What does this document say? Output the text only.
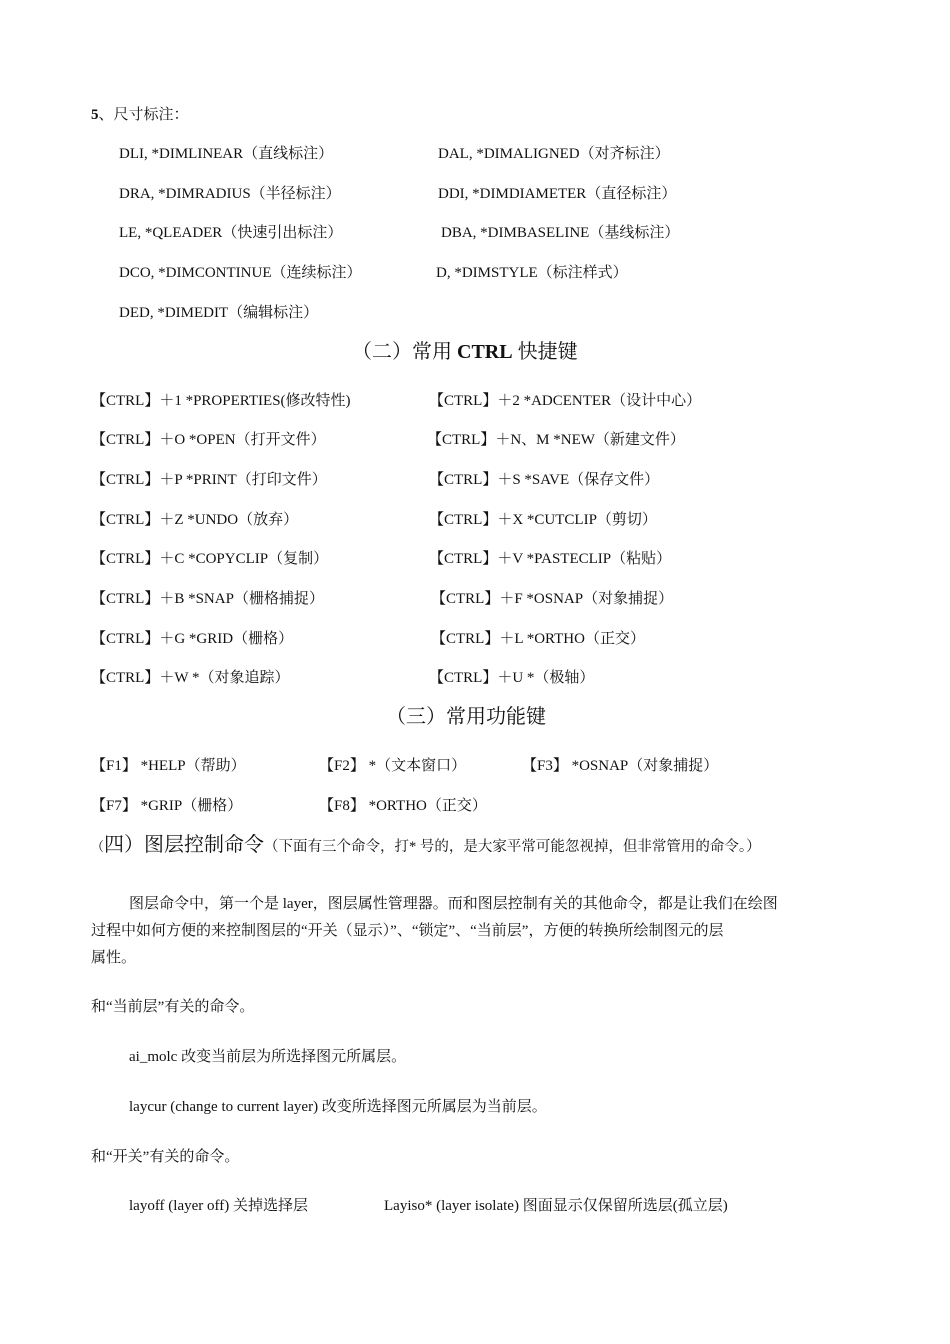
5、尺寸标注：
DLI, *DIMLINEAR（直线标注）	DAL, *DIMALIGNED（对齐标注）
DRA, *DIMRADIUS（半径标注）	DDI, *DIMDIAMETER（直径标注）
LE, *QLEADER（快速引出标注）	DBA, *DIMBASELINE（基线标注）
DCO, *DIMCONTINUE（连续标注）	D, *DIMSTYLE（标注样式）
DED, *DIMEDIT（编辑标注）
（二）常用 CTRL 快捷键
【CTRL】＋1 *PROPERTIES(修改特性)	【CTRL】＋2 *ADCENTER（设计中心）
【CTRL】＋O *OPEN（打开文件）	【CTRL】＋N、M *NEW（新建文件）
【CTRL】＋P *PRINT（打印文件）	【CTRL】＋S *SAVE（保存文件）
【CTRL】＋Z *UNDO（放弃）	【CTRL】＋X *CUTCLIP（剪切）
【CTRL】＋C *COPYCLIP（复制）	【CTRL】＋V *PASTECLIP（粘贴）
【CTRL】＋B *SNAP（栅格捕捉）	【CTRL】＋F *OSNAP（对象捕捉）
【CTRL】＋G *GRID（栅格）	【CTRL】＋L *ORTHO（正交）
【CTRL】＋W *（对象追踪）	【CTRL】＋U *（极轴）
（三）常用功能键
【F1】 *HELP（帮助）	【F2】 *（文本窗口）	【F3】 *OSNAP（对象捕捉）
【F7】 *GRIP（栅格）	【F8】 *ORTHO（正交）
（四）图层控制命令（下面有三个命令，打* 号的，是大家平常可能忽视掉，但非常管用的命令。）
图层命令中，第一个是 layer，图层属性管理器。而和图层控制有关的其他命令，都是让我们在绘图
过程中如何方便的来控制图层的“开关（显示）”、“锁定”、“当前层”，方便的转换所绘制图元的层
属性。
和“当前层”有关的命令。
ai_molc 改变当前层为所选择图元所属层。
laycur (change to current layer) 改变所选择图元所属层为当前层。
和“开关”有关的命令。
layoff (layer off) 关掉选择层	Layiso* (layer isolate) 图面显示仅保留所选层(孤立层)
